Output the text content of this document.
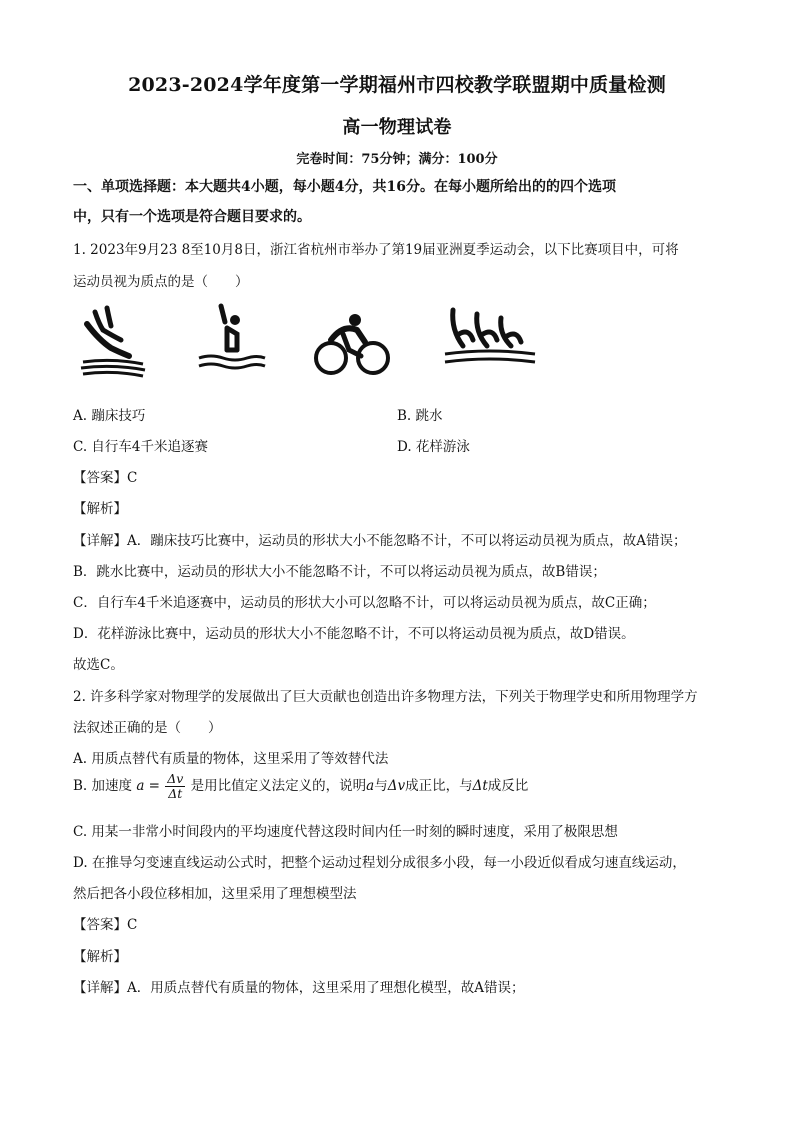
2023-2024学年度第一学期福州市四校教学联盟期中质量检测
高一物理试卷
完卷时间：75分钟；满分：100分
一、单项选择题：本大题共4小题，每小题4分，共16分。在每小题所给出的的四个选项
中，只有一个选项是符合题目要求的。
1. 2023年9月23 8至10月8日，浙江省杭州市举办了第19届亚洲夏季运动会，以下比赛项目中，可将
运动员视为质点的是（　　）
A. 蹦床技巧	B. 跳水
C. 自行车4千米追逐赛	D. 花样游泳
【答案】C
【解析】
【详解】A．蹦床技巧比赛中，运动员的形状大小不能忽略不计，不可以将运动员视为质点，故A错误；
B．跳水比赛中，运动员的形状大小不能忽略不计，不可以将运动员视为质点，故B错误；
C．自行车4千米追逐赛中，运动员的形状大小可以忽略不计，可以将运动员视为质点，故C正确；
D．花样游泳比赛中，运动员的形状大小不能忽略不计，不可以将运动员视为质点，故D错误。
故选C。
2. 许多科学家对物理学的发展做出了巨大贡献也创造出许多物理方法，下列关于物理学史和所用物理学方
法叙述正确的是（　　）
A. 用质点替代有质量的物体，这里采用了等效替代法
B. 加速度 $a = \frac{\Delta v}{\Delta t}$ 是用比值定义法定义的，说明a与Δv成正比，与Δt成反比
C. 用某一非常小时间段内的平均速度代替这段时间内任一时刻的瞬时速度，采用了极限思想
D. 在推导匀变速直线运动公式时，把整个运动过程划分成很多小段，每一小段近似看成匀速直线运动，
然后把各小段位移相加，这里采用了理想模型法
【答案】C
【解析】
【详解】A．用质点替代有质量的物体，这里采用了理想化模型，故A错误；
